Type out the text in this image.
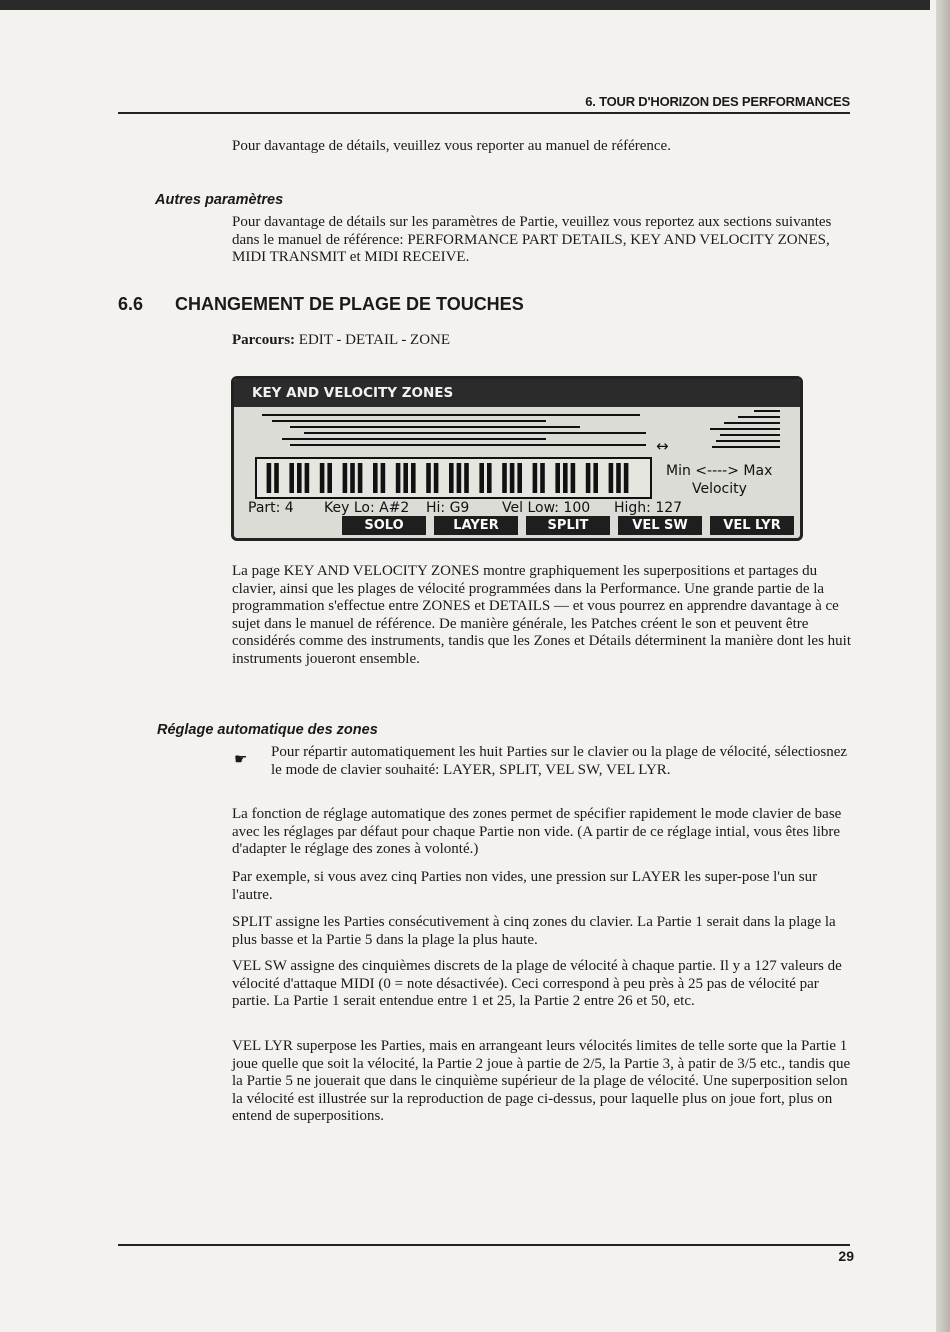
6. TOUR D'HORIZON DES PERFORMANCES

Pour davantage de détails, veuillez vous reporter au manuel de référence.

Autres paramètres

Pour davantage de détails sur les paramètres de Partie, veuillez vous reportez aux sections suivantes dans le manuel de référence: PERFORMANCE PART DETAILS, KEY AND VELOCITY ZONES, MIDI TRANSMIT et MIDI RECEIVE.

6.6 CHANGEMENT DE PLAGE DE TOUCHES
Parcours: EDIT - DETAIL - ZONE
KEY AND VELOCITY ZONES
↔
Min <----> Max
Velocity
Part: 4 Key Lo: A#2 Hi: G9 Vel Low: 100 High: 127
SOLO	LAYER	SPLIT	VEL SW	VEL LYR

La page KEY AND VELOCITY ZONES montre graphiquement les superpositions et partages du clavier, ainsi que les plages de vélocité programmées dans la Performance. Une grande partie de la programmation s'effectue entre ZONES et DETAILS — et vous pourrez en apprendre davantage à ce sujet dans le manuel de référence. De manière générale, les Patches créent le son et peuvent être considérés comme des instruments, tandis que les Zones et Détails déterminent la manière dont les huit instruments joueront ensemble.

Réglage automatique des zones

☛ Pour répartir automatiquement les huit Parties sur le clavier ou la plage de vélocité, sélectiosnez le mode de clavier souhaité: LAYER, SPLIT, VEL SW, VEL LYR.

La fonction de réglage automatique des zones permet de spécifier rapidement le mode clavier de base avec les réglages par défaut pour chaque Partie non vide. (A partir de ce réglage intial, vous êtes libre d'adapter le réglage des zones à volonté.)

Par exemple, si vous avez cinq Parties non vides, une pression sur LAYER les super-pose l'un sur l'autre.

SPLIT assigne les Parties consécutivement à cinq zones du clavier. La Partie 1 serait dans la plage la plus basse et la Partie 5 dans la plage la plus haute.

VEL SW assigne des cinquièmes discrets de la plage de vélocité à chaque partie. Il y a 127 valeurs de vélocité d'attaque MIDI (0 = note désactivée). Ceci correspond à peu près à 25 pas de vélocité par partie. La Partie 1 serait entendue entre 1 et 25, la Partie 2 entre 26 et 50, etc.

VEL LYR superpose les Parties, mais en arrangeant leurs vélocités limites de telle sorte que la Partie 1 joue quelle que soit la vélocité, la Partie 2 joue à partie de 2/5, la Partie 3, à patir de 3/5 etc., tandis que la Partie 5 ne jouerait que dans le cinquième supérieur de la plage de vélocité. Une superposition selon la vélocité est illustrée sur la reproduction de page ci-dessus, pour laquelle plus on joue fort, plus on entend de superpositions.

29
